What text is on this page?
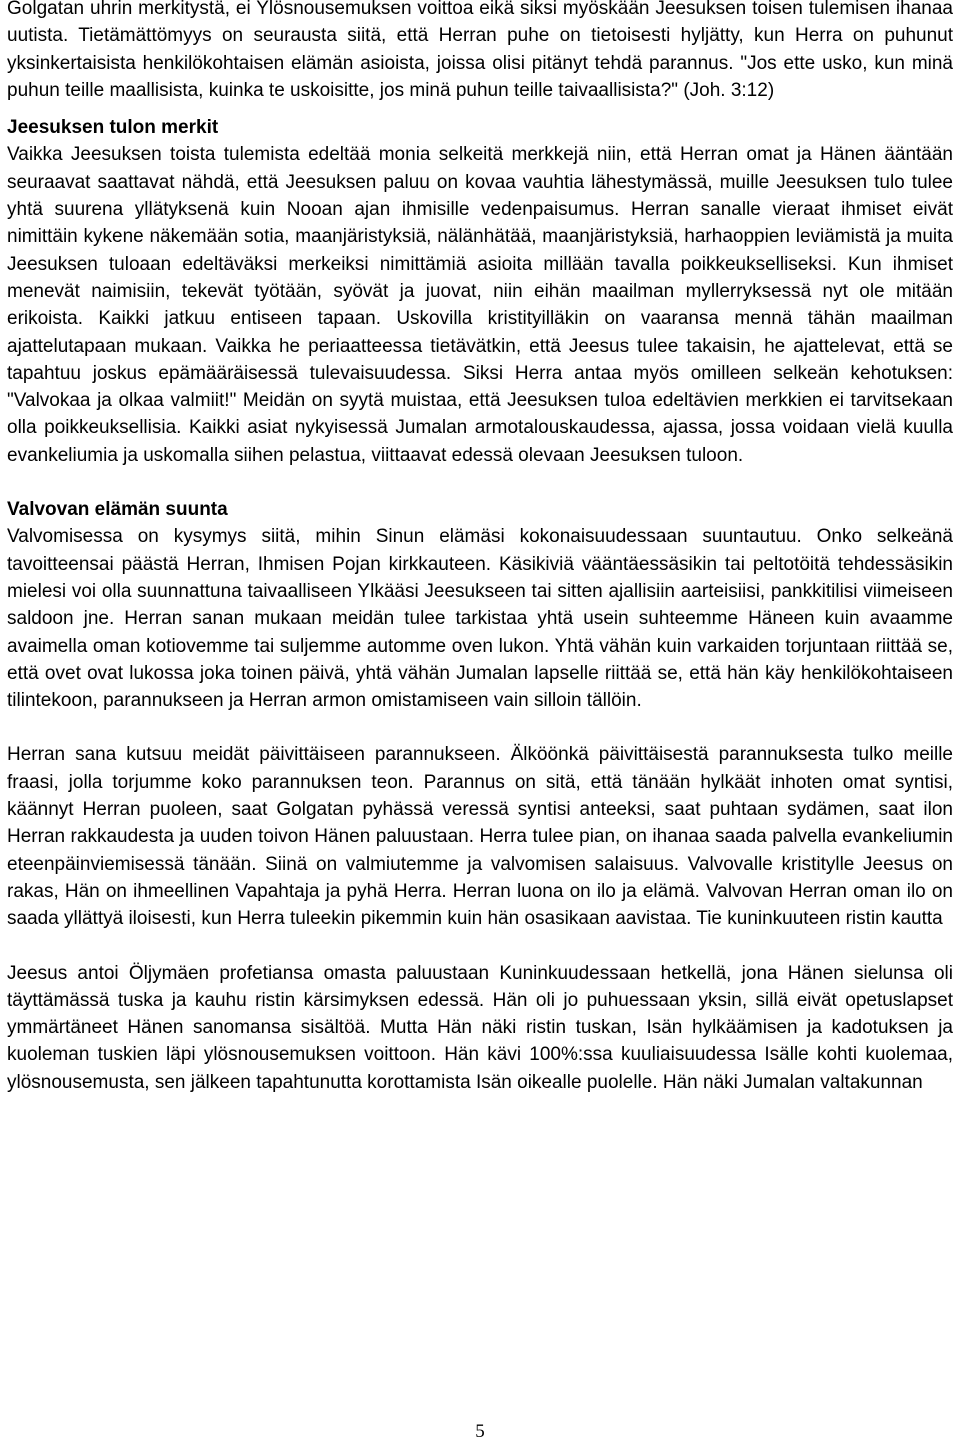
Golgatan uhrin merkitystä, ei Ylösnousemuksen voittoa eikä siksi myöskään Jeesuksen toisen tulemisen ihanaa uutista. Tietämättömyys on seurausta siitä, että Herran puhe on tietoisesti hyljätty, kun Herra on puhunut yksinkertaisista henkilökohtaisen elämän asioista, joissa olisi pitänyt tehdä parannus. "Jos ette usko, kun minä puhun teille maallisista, kuinka te uskoisitte, jos minä puhun teille taivaallisista?" (Joh. 3:12)

Jeesuksen tulon merkit

Vaikka Jeesuksen toista tulemista edeltää monia selkeitä merkkejä niin, että Herran omat ja Hänen ääntään seuraavat saattavat nähdä, että Jeesuksen paluu on kovaa vauhtia lähestymässä, muille Jeesuksen tulo tulee yhtä suurena yllätyksenä kuin Nooan ajan ihmisille vedenpaisumus. Herran sanalle vieraat ihmiset eivät nimittäin kykene näkemään sotia, maanjäristyksiä, nälänhätää, maanjäristyksiä, harhaoppien leviämistä ja muita Jeesuksen tuloaan edeltäväksi merkeiksi nimittämiä asioita millään tavalla poikkeukselliseksi. Kun ihmiset menevät naimisiin, tekevät työtään, syövät ja juovat, niin eihän maailman myllerryksessä nyt ole mitään erikoista. Kaikki jatkuu entiseen tapaan. Uskovilla kristityilläkin on vaaransa mennä tähän maailman ajattelutapaan mukaan. Vaikka he periaatteessa tietävätkin, että Jeesus tulee takaisin, he ajattelevat, että se tapahtuu joskus epämääräisessä tulevaisuudessa. Siksi Herra antaa myös omilleen selkeän kehotuksen: "Valvokaa ja olkaa valmiit!" Meidän on syytä muistaa, että Jeesuksen tuloa edeltävien merkkien ei tarvitsekaan olla poikkeuksellisia. Kaikki asiat nykyisessä Jumalan armotalouskaudessa, ajassa, jossa voidaan vielä kuulla evankeliumia ja uskomalla siihen pelastua, viittaavat edessä olevaan Jeesuksen tuloon.

Valvovan elämän suunta

Valvomisessa on kysymys siitä, mihin Sinun elämäsi kokonaisuudessaan suuntautuu. Onko selkeänä tavoitteensai päästä Herran, Ihmisen Pojan kirkkauteen. Käsikiviä vääntäessäsikin tai peltotöitä tehdessäsikin mielesi voi olla suunnattuna taivaalliseen Ylkääsi Jeesukseen tai sitten ajallisiin aarteisiisi, pankkitilisi viimeiseen saldoon jne. Herran sanan mukaan meidän tulee tarkistaa yhtä usein suhteemme Häneen kuin avaamme avaimella oman kotiovemme tai suljemme automme oven lukon. Yhtä vähän kuin varkaiden torjuntaan riittää se, että ovet ovat lukossa joka toinen päivä, yhtä vähän Jumalan lapselle riittää se, että hän käy henkilökohtaiseen tilintekoon, parannukseen ja Herran armon omistamiseen vain silloin tällöin.

Herran sana kutsuu meidät päivittäiseen parannukseen. Älköönkä päivittäisestä parannuksesta tulko meille fraasi, jolla torjumme koko parannuksen teon. Parannus on sitä, että tänään hylkäät inhoten omat syntisi, käännyt Herran puoleen, saat Golgatan pyhässä veressä syntisi anteeksi, saat puhtaan sydämen, saat ilon Herran rakkaudesta ja uuden toivon Hänen paluustaan. Herra tulee pian, on ihanaa saada palvella evankeliumin eteenpäinviemisessä tänään. Siinä on valmiutemme ja valvomisen salaisuus. Valvovalle kristitylle Jeesus on rakas, Hän on ihmeellinen Vapahtaja ja pyhä Herra. Herran luona on ilo ja elämä. Valvovan Herran oman ilo on saada yllättyä iloisesti, kun Herra tuleekin pikemmin kuin hän osasikaan aavistaa. Tie kuninkuuteen ristin kautta

Jeesus antoi Öljymäen profetiansa omasta paluustaan Kuninkuudessaan hetkellä, jona Hänen sielunsa oli täyttämässä tuska ja kauhu ristin kärsimyksen edessä. Hän oli jo puhuessaan yksin, sillä eivät opetuslapset ymmärtäneet Hänen sanomansa sisältöä. Mutta Hän näki ristin tuskan, Isän hylkäämisen ja kadotuksen ja kuoleman tuskien läpi ylösnousemuksen voittoon. Hän kävi 100%:ssa kuuliaisuudessa Isälle kohti kuolemaa, ylösnousemusta, sen jälkeen tapahtunutta korottamista Isän oikealle puolelle. Hän näki Jumalan valtakunnan

5
